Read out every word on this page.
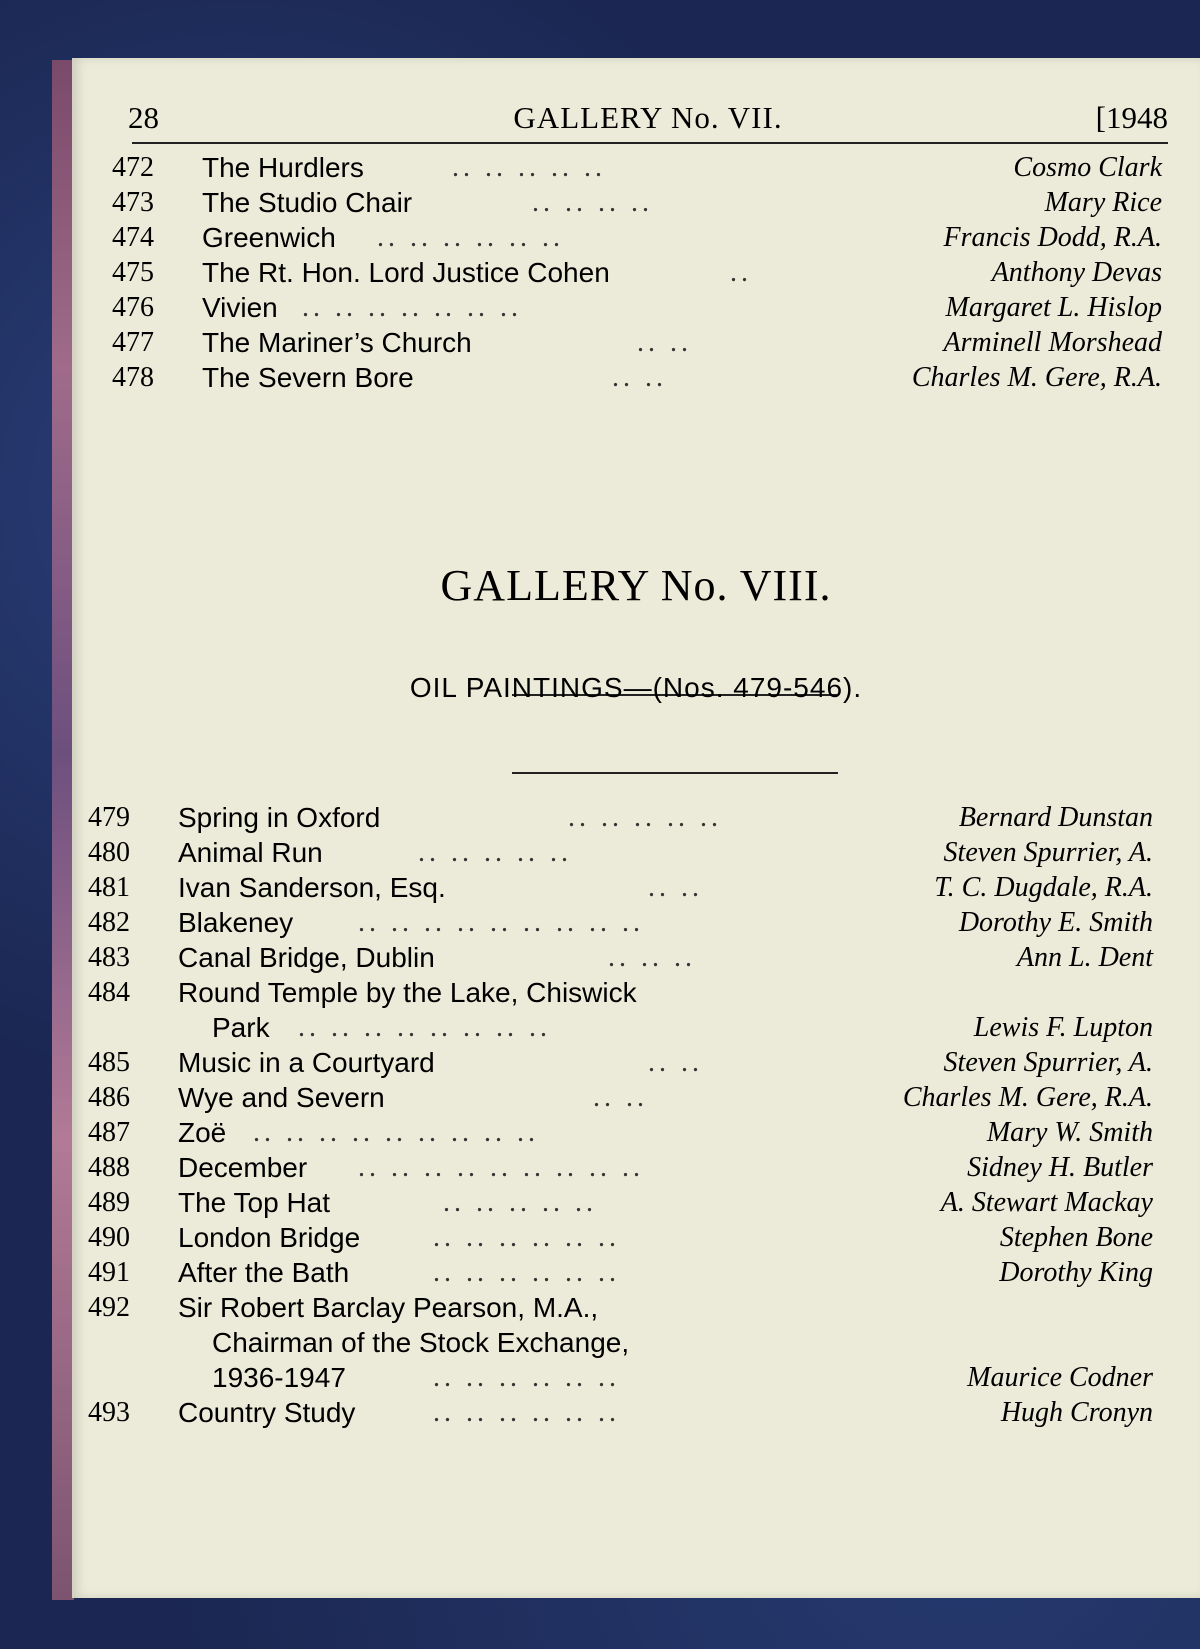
28	GALLERY No. VII.	[1948
472	The Hurdlers	.. .. .. .. ..	Cosmo Clark
473	The Studio Chair	.. .. .. ..	Mary Rice
474	Greenwich .. .. .. .. .. ..	Francis Dodd, R.A.
475	The Rt. Hon. Lord Justice Cohen	..	Anthony Devas
476	Vivien .. .. .. .. .. .. ..	Margaret L. Hislop
477	The Mariner’s Church	.. ..	Arminell Morshead
478	The Severn Bore	.. ..	Charles M. Gere, R.A.
GALLERY No. VIII.
OIL PAINTINGS—(Nos. 479-546).
479	Spring in Oxford	.. .. .. .. ..	Bernard Dunstan
480	Animal Run	.. .. .. .. ..	Steven Spurrier, A.
481	Ivan Sanderson, Esq.	.. ..	T. C. Dugdale, R.A.
482	Blakeney .. .. .. .. .. .. .. .. ..	Dorothy E. Smith
483	Canal Bridge, Dublin	.. .. ..	Ann L. Dent
484	Round Temple by the Lake, Chiswick
Park .. .. .. .. .. .. .. ..	Lewis F. Lupton
485	Music in a Courtyard	.. ..	Steven Spurrier, A.
486	Wye and Severn	.. ..	Charles M. Gere, R.A.
487	Zoë .. .. .. .. .. .. .. .. ..	Mary W. Smith
488	December .. .. .. .. .. .. .. .. ..	Sidney H. Butler
489	The Top Hat	.. .. .. .. ..	A. Stewart Mackay
490	London Bridge	.. .. .. .. .. ..	Stephen Bone
491	After the Bath	.. .. .. .. .. ..	Dorothy King
492	Sir Robert Barclay Pearson, M.A.,
Chairman of the Stock Exchange,
1936-1947	.. .. .. .. .. ..	Maurice Codner
493	Country Study	.. .. .. .. .. ..	Hugh Cronyn
